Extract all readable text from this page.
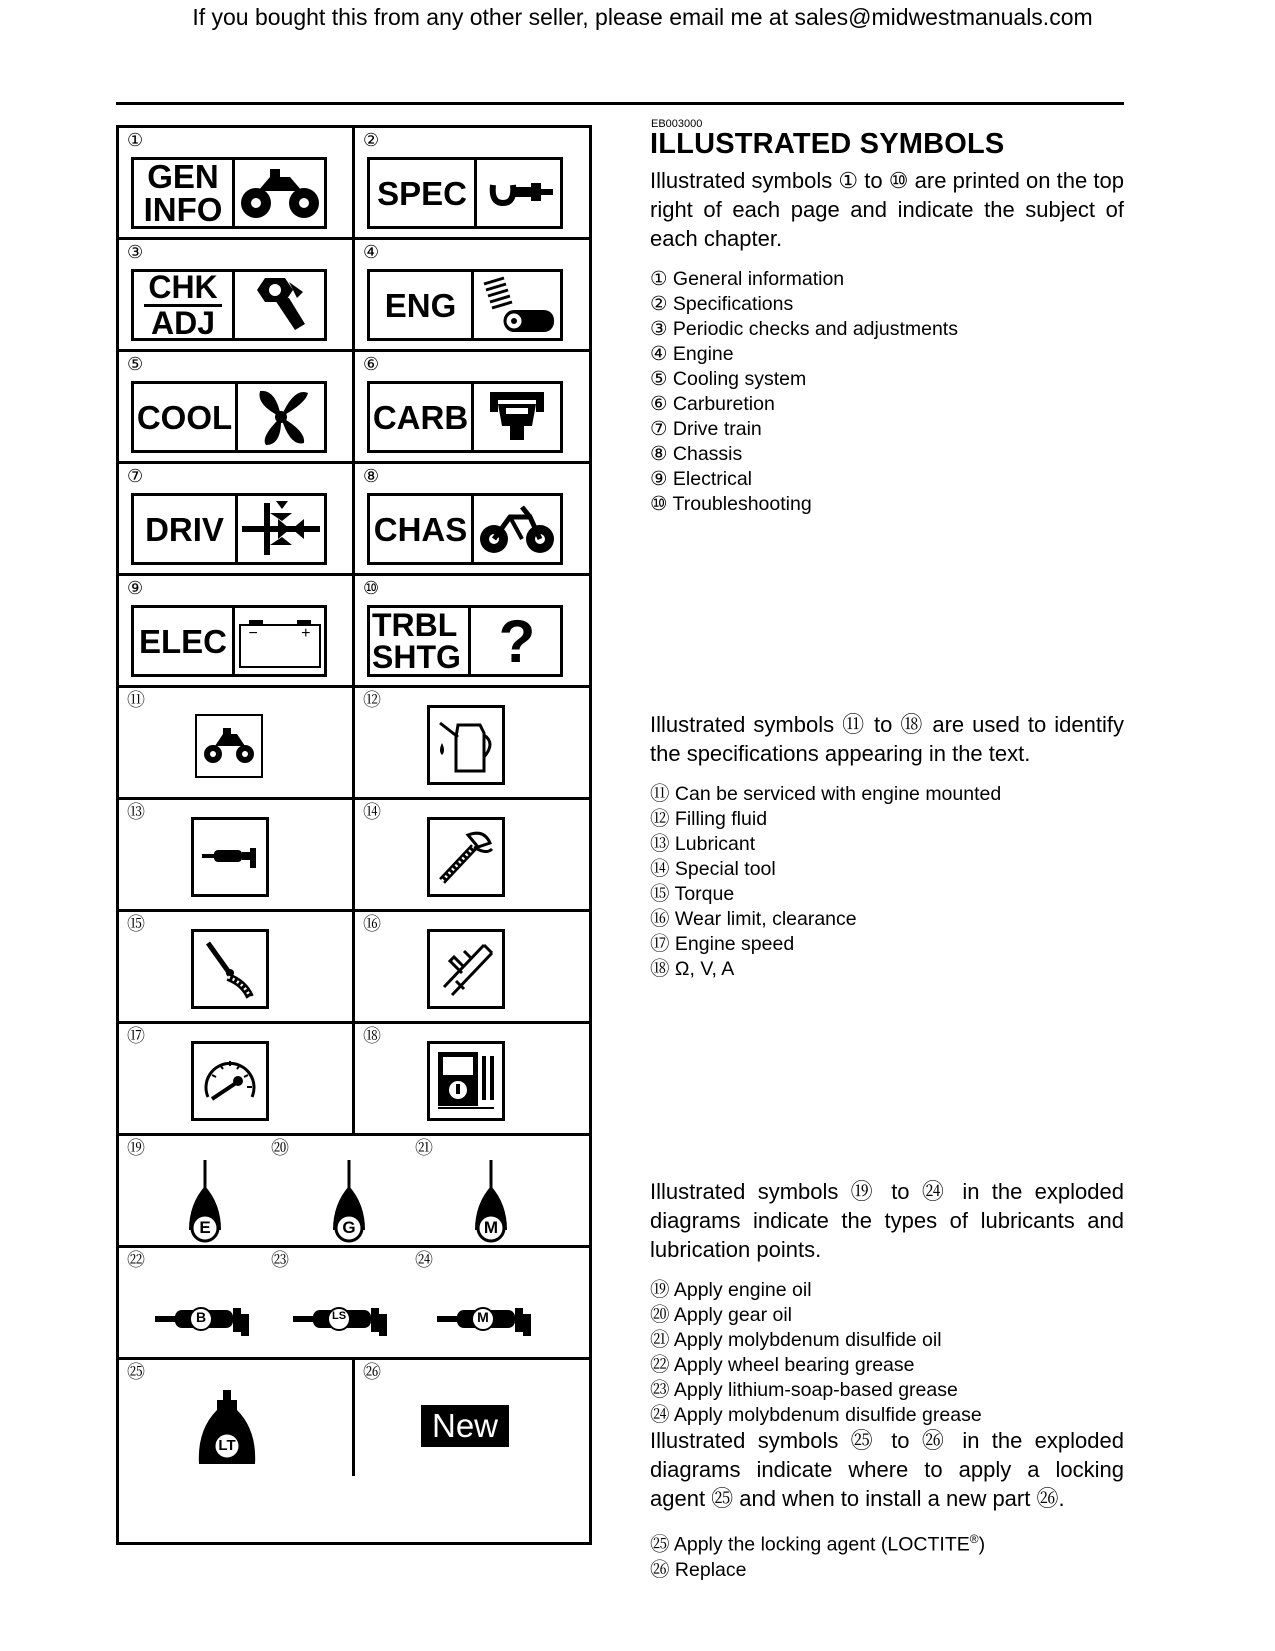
If you bought this from any other seller, please email me at sales@midwestmanuals.com
①
GEN
INFO
②
SPEC
③
CHK
ADJ
④
ENG
⑤
COOL
⑥
CARB
⑦
DRIV
⑧
CHAS
⑨
ELEC	−	+
⑩
TRBL
SHTG ?
⑪	⑫
⑬	⑭
⑮	⑯
⑰	⑱
⑲	⑳	㉑
E	G	M
㉒	㉓	㉔
B	LS	M
㉕
LT
㉖
New
EB003000
ILLUSTRATED SYMBOLS

Illustrated symbols ① to ⑩ are printed on the top right of each page and indicate the subject of each chapter.

① General information
② Specifications
③ Periodic checks and adjustments
④ Engine
⑤ Cooling system
⑥ Carburetion
⑦ Drive train
⑧ Chassis
⑨ Electrical
⑩ Troubleshooting

Illustrated symbols ⑪ to ⑱ are used to identify the specifications appearing in the text.

⑪ Can be serviced with engine mounted
⑫ Filling fluid
⑬ Lubricant
⑭ Special tool
⑮ Torque
⑯ Wear limit, clearance
⑰ Engine speed
⑱ Ω, V, A

Illustrated symbols ⑲ to ㉔ in the exploded diagrams indicate the types of lubricants and lubrication points.

⑲ Apply engine oil
⑳ Apply gear oil
㉑ Apply molybdenum disulfide oil
㉒ Apply wheel bearing grease
㉓ Apply lithium-soap-based grease
㉔ Apply molybdenum disulfide grease

Illustrated symbols ㉕ to ㉖ in the exploded diagrams indicate where to apply a locking agent ㉕ and when to install a new part ㉖.

㉕ Apply the locking agent (LOCTITE®)
㉖ Replace
